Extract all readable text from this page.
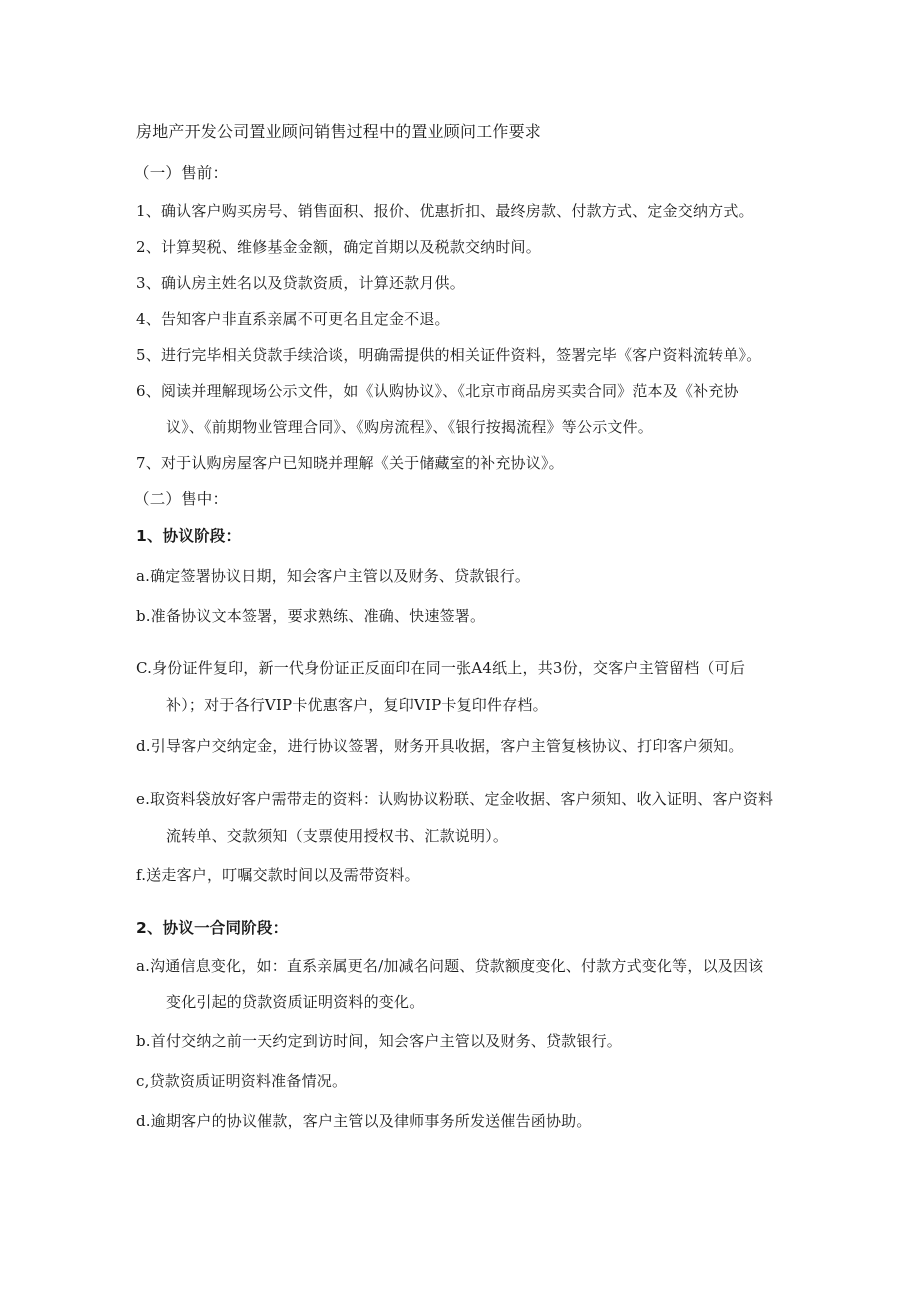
房地产开发公司置业顾问销售过程中的置业顾问工作要求
（一）售前：
1、确认客户购买房号、销售面积、报价、优惠折扣、最终房款、付款方式、定金交纳方式。
2、计算契税、维修基金金额，确定首期以及税款交纳时间。
3、确认房主姓名以及贷款资质，计算还款月供。
4、告知客户非直系亲属不可更名且定金不退。
5、进行完毕相关贷款手续洽谈，明确需提供的相关证件资料，签署完毕《客户资料流转单》。
6、阅读并理解现场公示文件，如《认购协议》、《北京市商品房买卖合同》范本及《补充协
议》、《前期物业管理合同》、《购房流程》、《银行按揭流程》等公示文件。
7、对于认购房屋客户已知晓并理解《关于储藏室的补充协议》。
（二）售中：
1、协议阶段：
a.确定签署协议日期，知会客户主管以及财务、贷款银行。
b.准备协议文本签署，要求熟练、准确、快速签署。
C.身份证件复印，新一代身份证正反面印在同一张A4纸上，共3份，交客户主管留档（可后
补）；对于各行VIP卡优惠客户，复印VIP卡复印件存档。
d.引导客户交纳定金，进行协议签署，财务开具收据，客户主管复核协议、打印客户须知。
e.取资料袋放好客户需带走的资料：认购协议粉联、定金收据、客户须知、收入证明、客户资料
流转单、交款须知（支票使用授权书、汇款说明）。
f.送走客户，叮嘱交款时间以及需带资料。
2、协议一合同阶段：
a.沟通信息变化，如：直系亲属更名/加减名问题、贷款额度变化、付款方式变化等，以及因该
变化引起的贷款资质证明资料的变化。
b.首付交纳之前一天约定到访时间，知会客户主管以及财务、贷款银行。
c,贷款资质证明资料准备情况。
d.逾期客户的协议催款，客户主管以及律师事务所发送催告函协助。
